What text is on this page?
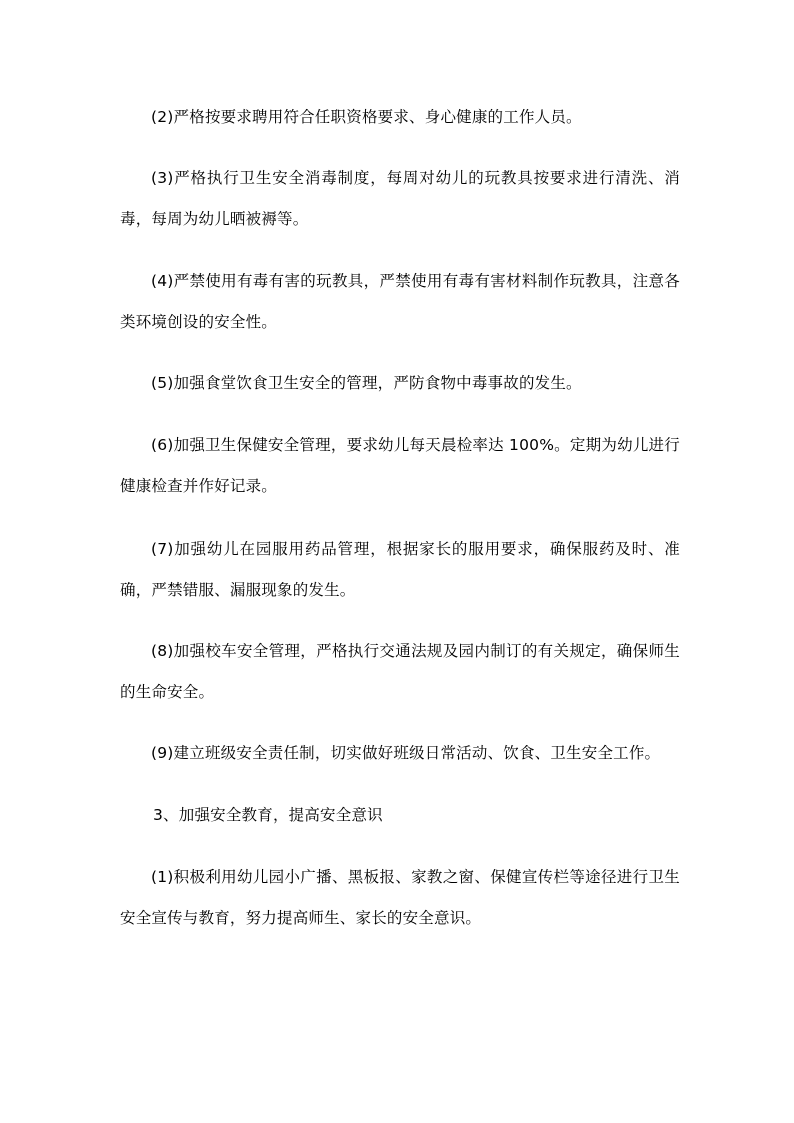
(2)严格按要求聘用符合任职资格要求、身心健康的工作人员。

(3)严格执行卫生安全消毒制度，每周对幼儿的玩教具按要求进行清洗、消毒，每周为幼儿晒被褥等。

(4)严禁使用有毒有害的玩教具，严禁使用有毒有害材料制作玩教具，注意各类环境创设的安全性。

(5)加强食堂饮食卫生安全的管理，严防食物中毒事故的发生。

(6)加强卫生保健安全管理，要求幼儿每天晨检率达 100%。定期为幼儿进行健康检查并作好记录。

(7)加强幼儿在园服用药品管理，根据家长的服用要求，确保服药及时、准确，严禁错服、漏服现象的发生。

(8)加强校车安全管理，严格执行交通法规及园内制订的有关规定，确保师生的生命安全。

(9)建立班级安全责任制，切实做好班级日常活动、饮食、卫生安全工作。

3、加强安全教育，提高安全意识

(1)积极利用幼儿园小广播、黑板报、家教之窗、保健宣传栏等途径进行卫生安全宣传与教育，努力提高师生、家长的安全意识。
